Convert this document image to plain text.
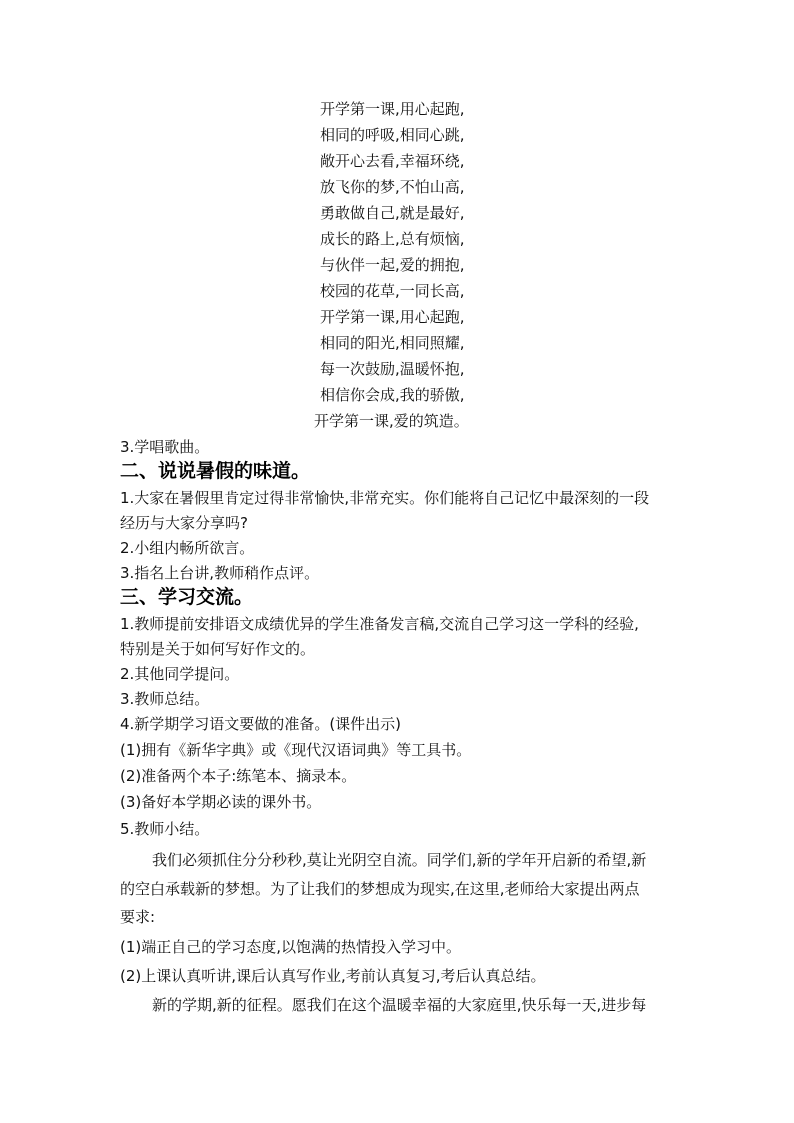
开学第一课,用心起跑,
相同的呼吸,相同心跳,
敞开心去看,幸福环绕,
放飞你的梦,不怕山高,
勇敢做自己,就是最好,
成长的路上,总有烦恼,
与伙伴一起,爱的拥抱,
校园的花草,一同长高,
开学第一课,用心起跑,
相同的阳光,相同照耀,
每一次鼓励,温暖怀抱,
相信你会成,我的骄傲,
开学第一课,爱的筑造。
3.学唱歌曲。
二、说说暑假的味道。
1.大家在暑假里肯定过得非常愉快,非常充实。你们能将自己记忆中最深刻的一段
经历与大家分享吗?
2.小组内畅所欲言。
3.指名上台讲,教师稍作点评。
三、学习交流。
1.教师提前安排语文成绩优异的学生准备发言稿,交流自己学习这一学科的经验,
特别是关于如何写好作文的。
2.其他同学提问。
3.教师总结。
4.新学期学习语文要做的准备。(课件出示)
(1)拥有《新华字典》或《现代汉语词典》等工具书。
(2)准备两个本子:练笔本、摘录本。
(3)备好本学期必读的课外书。
5.教师小结。
我们必须抓住分分秒秒,莫让光阴空自流。同学们,新的学年开启新的希望,新
的空白承载新的梦想。为了让我们的梦想成为现实,在这里,老师给大家提出两点
要求:
(1)端正自己的学习态度,以饱满的热情投入学习中。
(2)上课认真听讲,课后认真写作业,考前认真复习,考后认真总结。
新的学期,新的征程。愿我们在这个温暖幸福的大家庭里,快乐每一天,进步每
